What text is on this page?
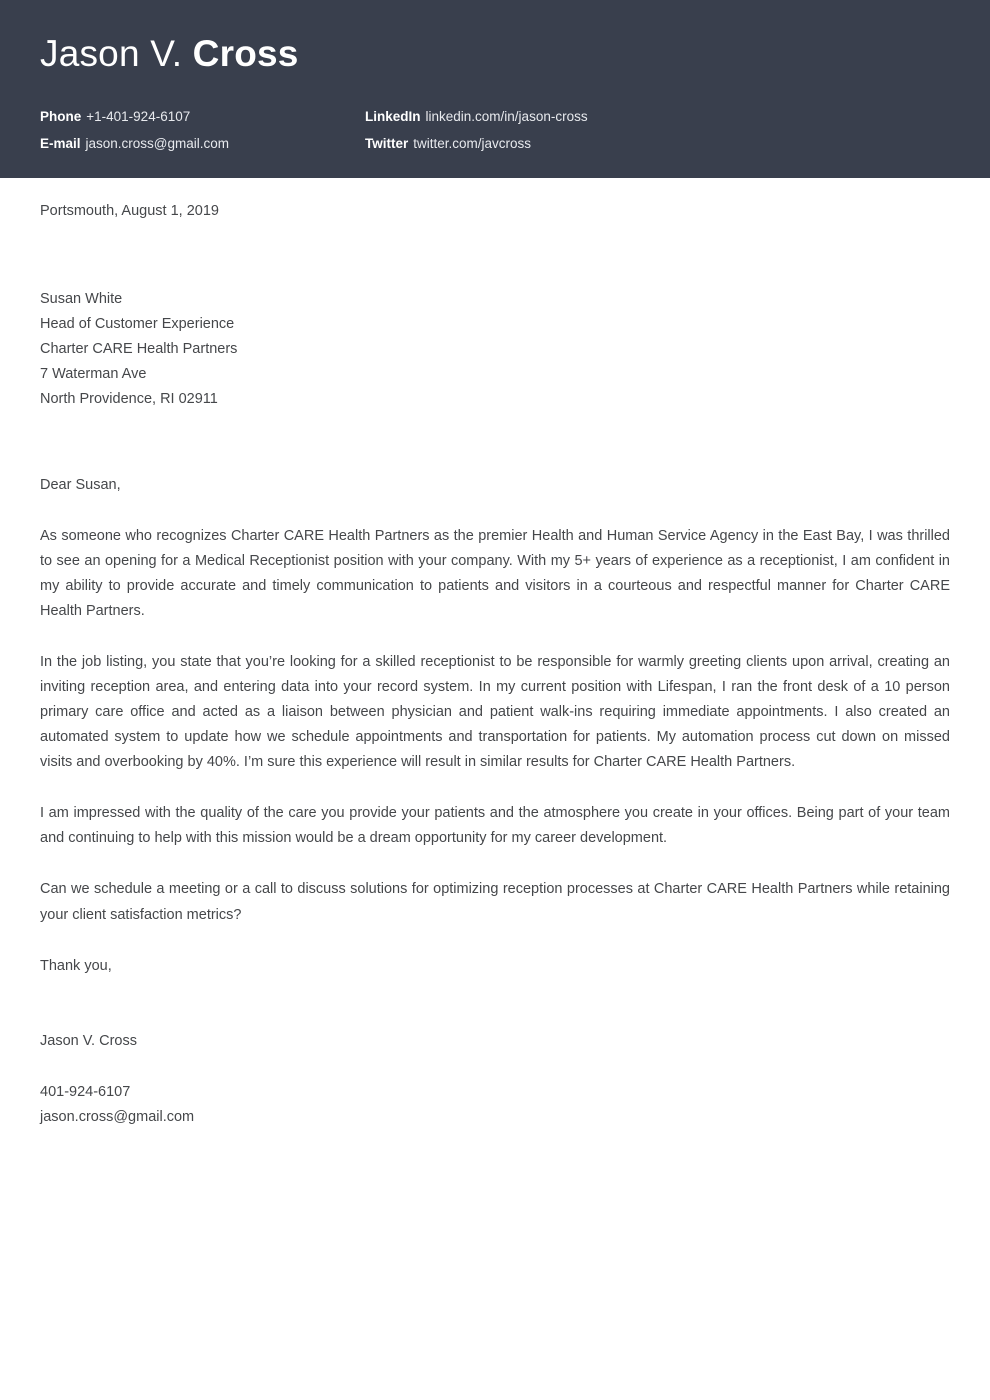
Jason V. Cross
Phone +1-401-924-6107	LinkedIn linkedin.com/in/jason-cross
E-mail jason.cross@gmail.com	Twitter twitter.com/javcross
Portsmouth, August 1, 2019
Susan White
Head of Customer Experience
Charter CARE Health Partners
7 Waterman Ave
North Providence, RI 02911
Dear Susan,

As someone who recognizes Charter CARE Health Partners as the premier Health and Human Service Agency in the East Bay, I was thrilled to see an opening for a Medical Receptionist position with your company. With my 5+ years of experience as a receptionist, I am confident in my ability to provide accurate and timely communication to patients and visitors in a courteous and respectful manner for Charter CARE Health Partners.

In the job listing, you state that you’re looking for a skilled receptionist to be responsible for warmly greeting clients upon arrival, creating an inviting reception area, and entering data into your record system. In my current position with Lifespan, I ran the front desk of a 10 person primary care office and acted as a liaison between physician and patient walk-ins requiring immediate appointments. I also created an automated system to update how we schedule appointments and transportation for patients. My automation process cut down on missed visits and overbooking by 40%. I’m sure this experience will result in similar results for Charter CARE Health Partners.

I am impressed with the quality of the care you provide your patients and the atmosphere you create in your offices. Being part of your team and continuing to help with this mission would be a dream opportunity for my career development.

Can we schedule a meeting or a call to discuss solutions for optimizing reception processes at Charter CARE Health Partners while retaining your client satisfaction metrics?

Thank you,
Jason V. Cross
401-924-6107
jason.cross@gmail.com
